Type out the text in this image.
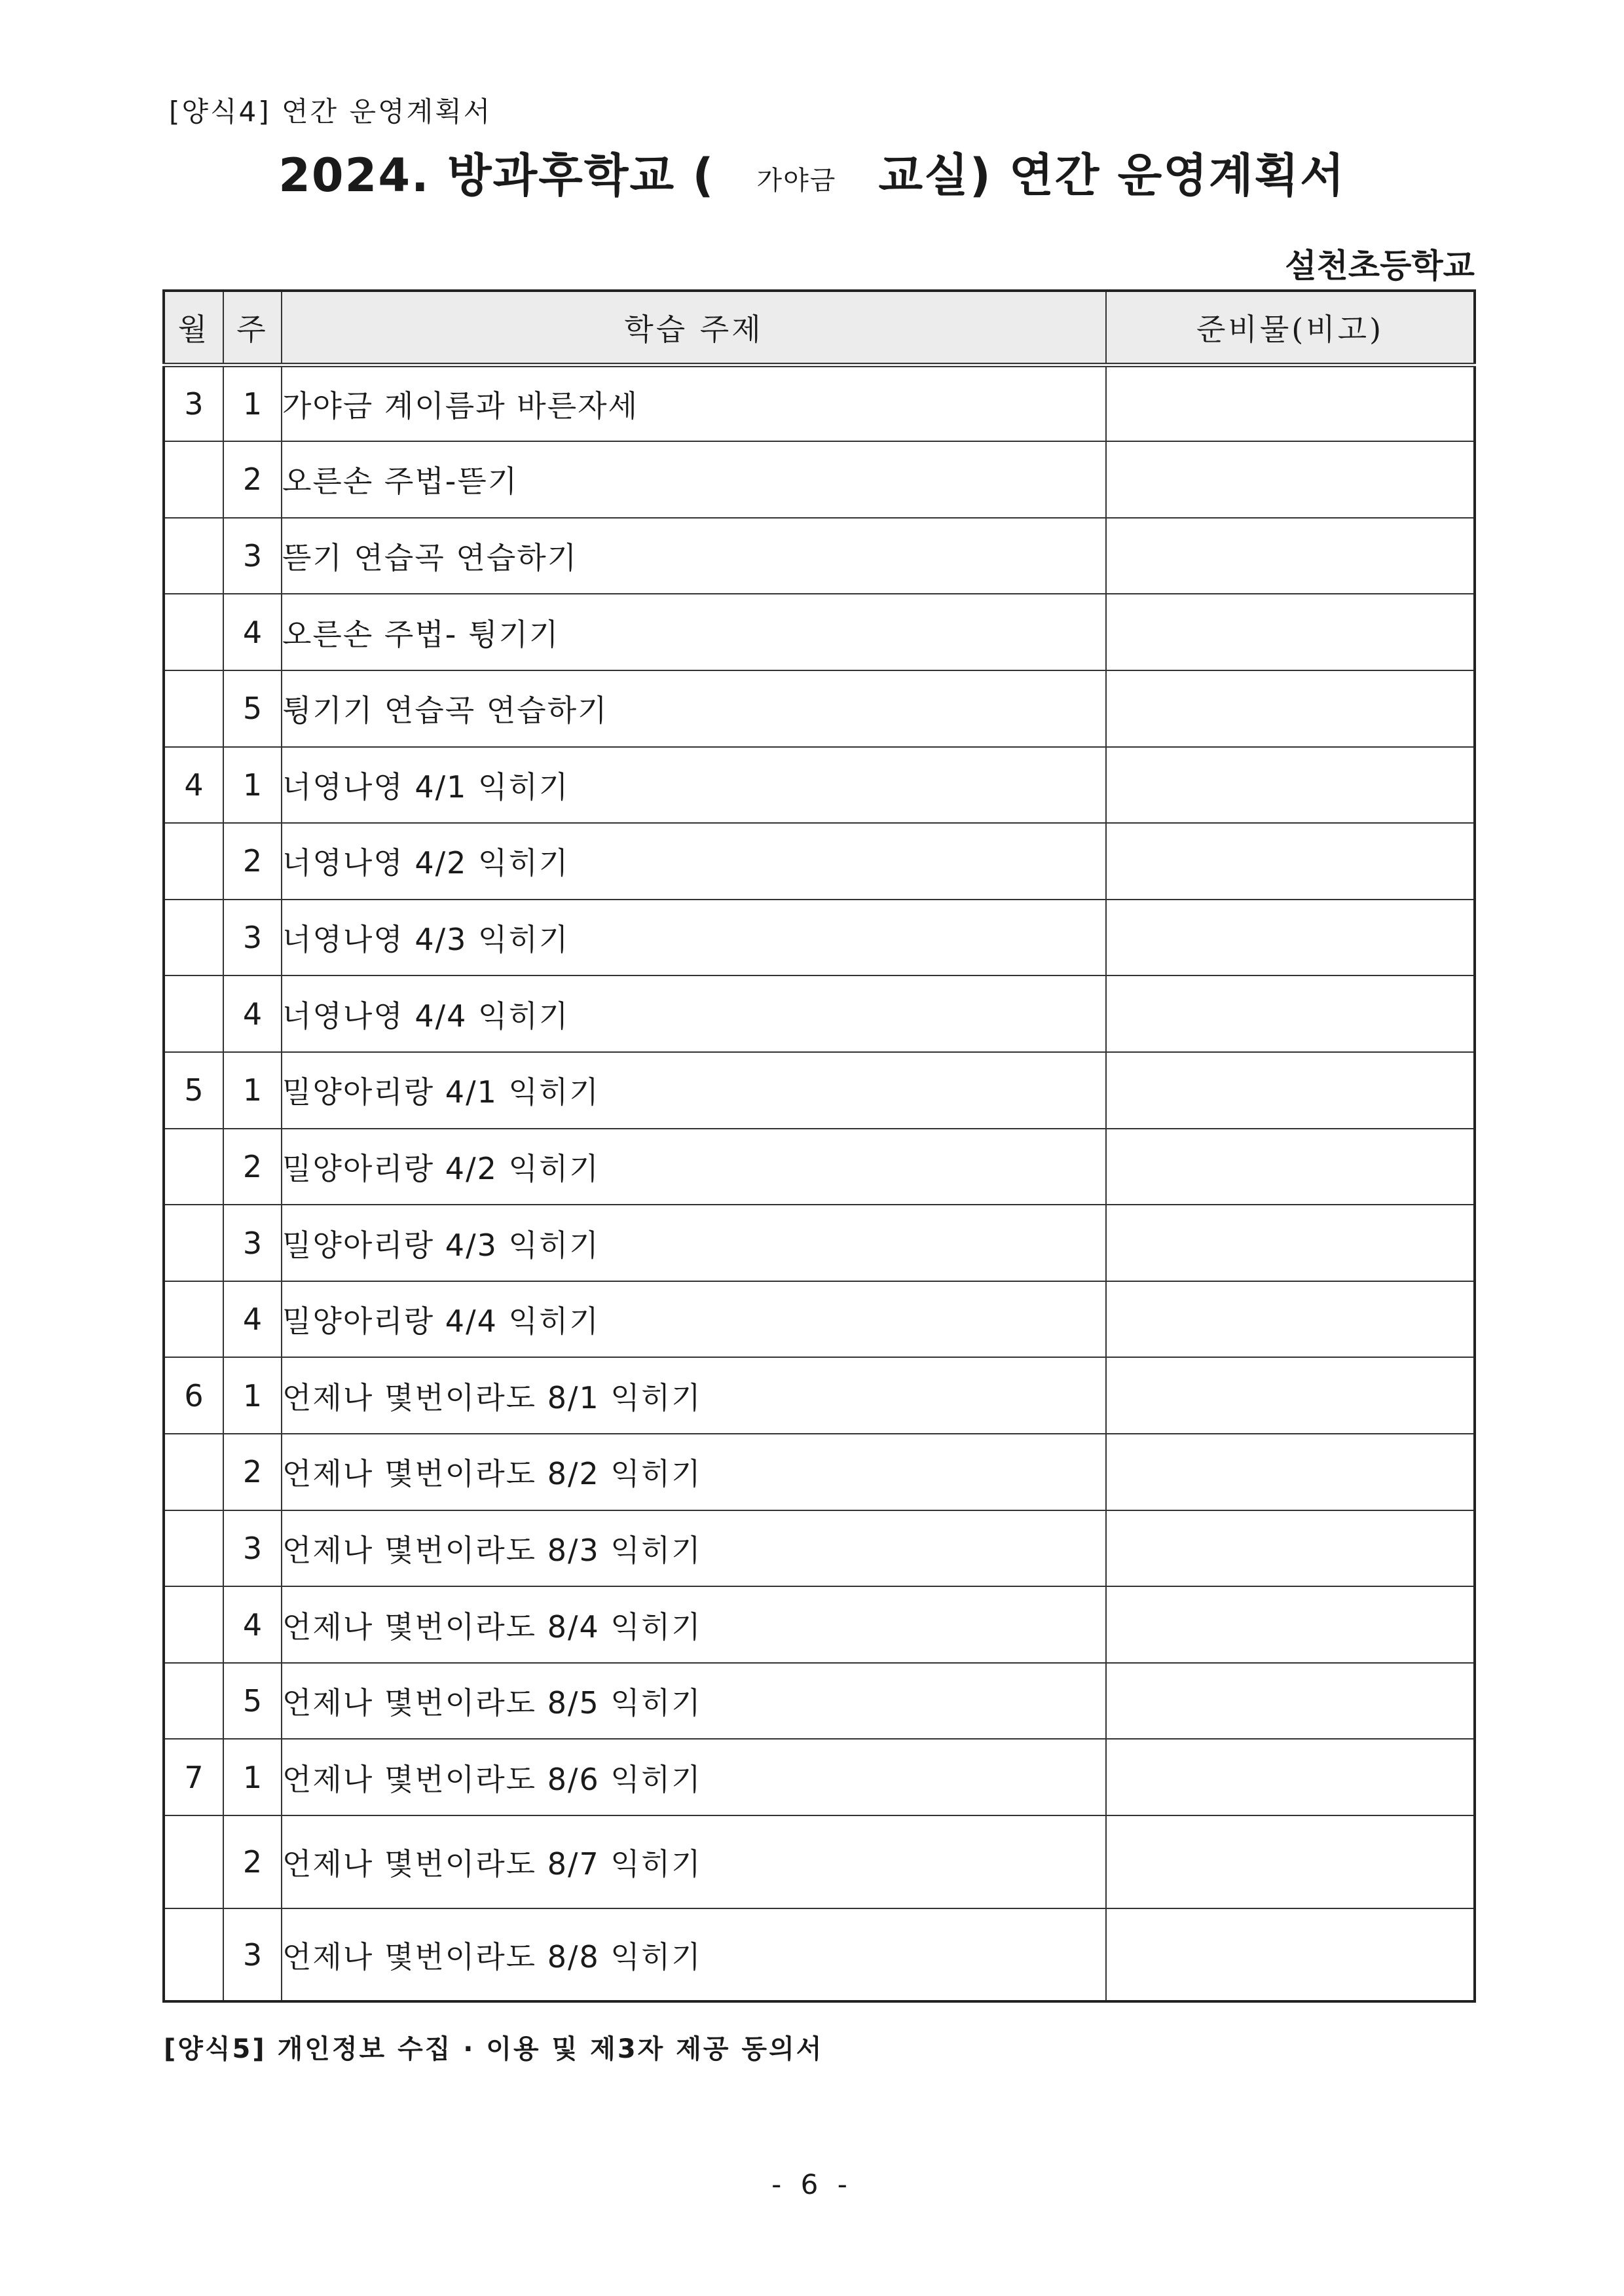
[양식4] 연간 운영계획서
2024. 방과후학교 ( 가야금 교실) 연간 운영계획서
설천초등학교
월	주	학습 주제	준비물(비고)
3	1	가야금 계이름과 바른자세	
	2	오른손 주법-뜯기	
	3	뜯기 연습곡 연습하기	
	4	오른손 주법- 튕기기	
	5	튕기기 연습곡 연습하기	
4	1	너영나영 4/1 익히기	
	2	너영나영 4/2 익히기	
	3	너영나영 4/3 익히기	
	4	너영나영 4/4 익히기	
5	1	밀양아리랑 4/1 익히기	
	2	밀양아리랑 4/2 익히기	
	3	밀양아리랑 4/3 익히기	
	4	밀양아리랑 4/4 익히기	
6	1	언제나 몇번이라도 8/1 익히기	
	2	언제나 몇번이라도 8/2 익히기	
	3	언제나 몇번이라도 8/3 익히기	
	4	언제나 몇번이라도 8/4 익히기	
	5	언제나 몇번이라도 8/5 익히기	
7	1	언제나 몇번이라도 8/6 익히기	
	2	언제나 몇번이라도 8/7 익히기	
	3	언제나 몇번이라도 8/8 익히기	
[양식5] 개인정보 수집 · 이용 및 제3자 제공 동의서
- 6 -
